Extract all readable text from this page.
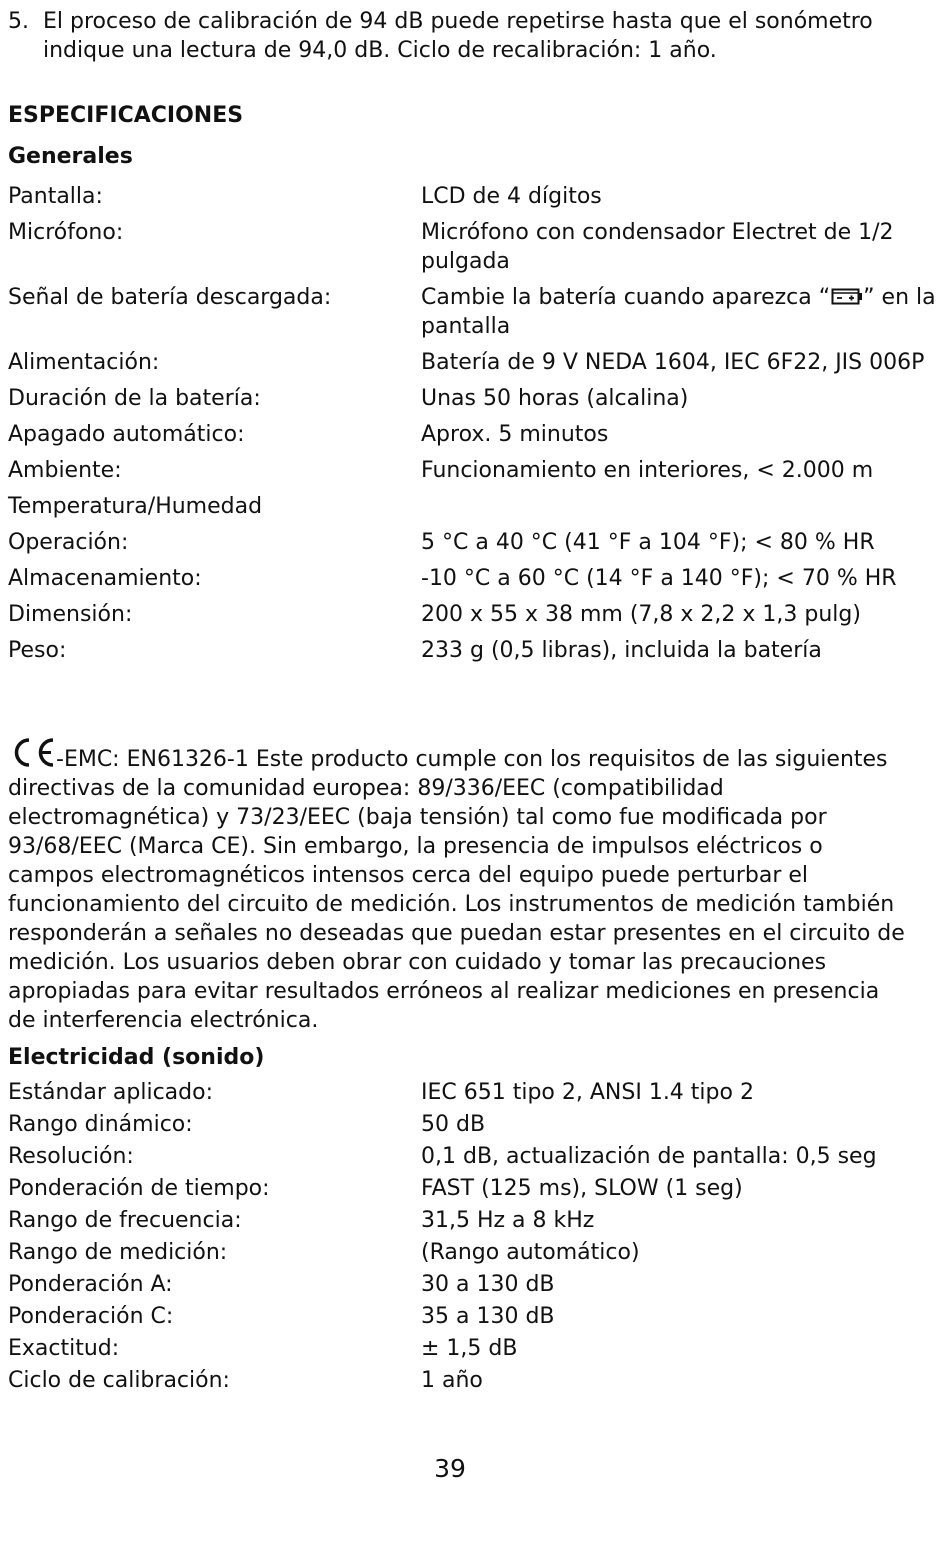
5. El proceso de calibración de 94 dB puede repetirse hasta que el sonómetro indique una lectura de 94,0 dB. Ciclo de recalibración: 1 año.
ESPECIFICACIONES
Generales
Pantalla:	LCD de 4 dígitos
Micrófono:	Micrófono con condensador Electret de 1/2 pulgada
Señal de batería descargada:	Cambie la batería cuando aparezca “ ” en la pantalla
Alimentación:	Batería de 9 V NEDA 1604, IEC 6F22, JIS 006P
Duración de la batería:	Unas 50 horas (alcalina)
Apagado automático:	Aprox. 5 minutos
Ambiente:	Funcionamiento en interiores, < 2.000 m
Temperatura/Humedad	
Operación:	5 °C a 40 °C (41 °F a 104 °F); < 80 % HR
Almacenamiento:	-10 °C a 60 °C (14 °F a 140 °F); < 70 % HR
Dimensión:	200 x 55 x 38 mm (7,8 x 2,2 x 1,3 pulg)
Peso:	233 g (0,5 libras), incluida la batería
-EMC: EN61326-1 Este producto cumple con los requisitos de las siguientes directivas de la comunidad europea: 89/336/EEC (compatibilidad electromagnética) y 73/23/EEC (baja tensión) tal como fue modificada por 93/68/EEC (Marca CE). Sin embargo, la presencia de impulsos eléctricos o campos electromagnéticos intensos cerca del equipo puede perturbar el funcionamiento del circuito de medición. Los instrumentos de medición también responderán a señales no deseadas que puedan estar presentes en el circuito de medición. Los usuarios deben obrar con cuidado y tomar las precauciones apropiadas para evitar resultados erróneos al realizar mediciones en presencia de interferencia electrónica.
Electricidad (sonido)
Estándar aplicado:	IEC 651 tipo 2, ANSI 1.4 tipo 2
Rango dinámico:	50 dB
Resolución:	0,1 dB, actualización de pantalla: 0,5 seg
Ponderación de tiempo:	FAST (125 ms), SLOW (1 seg)
Rango de frecuencia:	31,5 Hz a 8 kHz
Rango de medición:	(Rango automático)
Ponderación A:	30 a 130 dB
Ponderación C:	35 a 130 dB
Exactitud:	± 1,5 dB
Ciclo de calibración:	1 año
39
